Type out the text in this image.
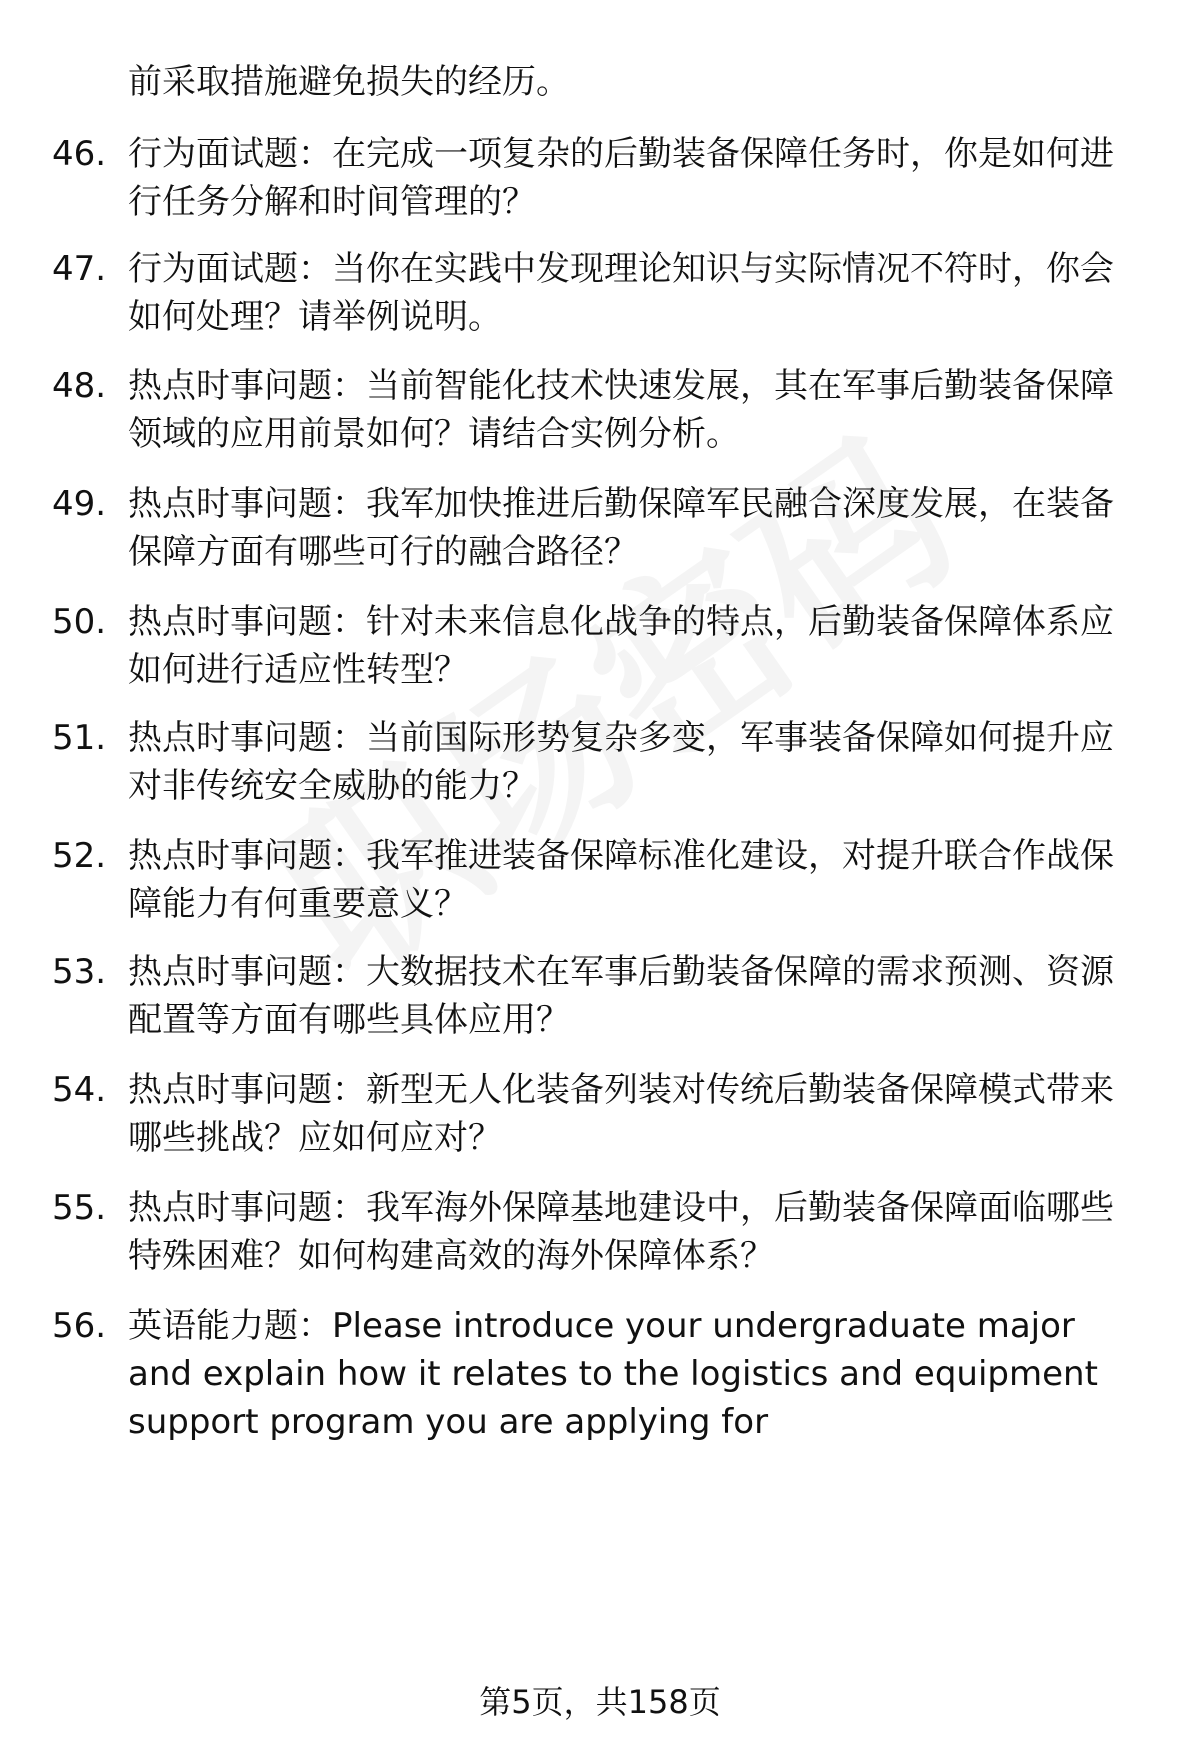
前采取措施避免损失的经历。
46. 行为面试题：在完成一项复杂的后勤装备保障任务时，你是如何进行任务分解和时间管理的？
47. 行为面试题：当你在实践中发现理论知识与实际情况不符时，你会如何处理？请举例说明。
48. 热点时事问题：当前智能化技术快速发展，其在军事后勤装备保障领域的应用前景如何？请结合实例分析。
49. 热点时事问题：我军加快推进后勤保障军民融合深度发展，在装备保障方面有哪些可行的融合路径？
50. 热点时事问题：针对未来信息化战争的特点，后勤装备保障体系应如何进行适应性转型？
51. 热点时事问题：当前国际形势复杂多变，军事装备保障如何提升应对非传统安全威胁的能力？
52. 热点时事问题：我军推进装备保障标准化建设，对提升联合作战保障能力有何重要意义？
53. 热点时事问题：大数据技术在军事后勤装备保障的需求预测、资源配置等方面有哪些具体应用？
54. 热点时事问题：新型无人化装备列装对传统后勤装备保障模式带来哪些挑战？应如何应对？
55. 热点时事问题：我军海外保障基地建设中，后勤装备保障面临哪些特殊困难？如何构建高效的海外保障体系？
56. 英语能力题：Please introduce your undergraduate major and explain how it relates to the logistics and equipment support program you are applying for
第5页，共158页
